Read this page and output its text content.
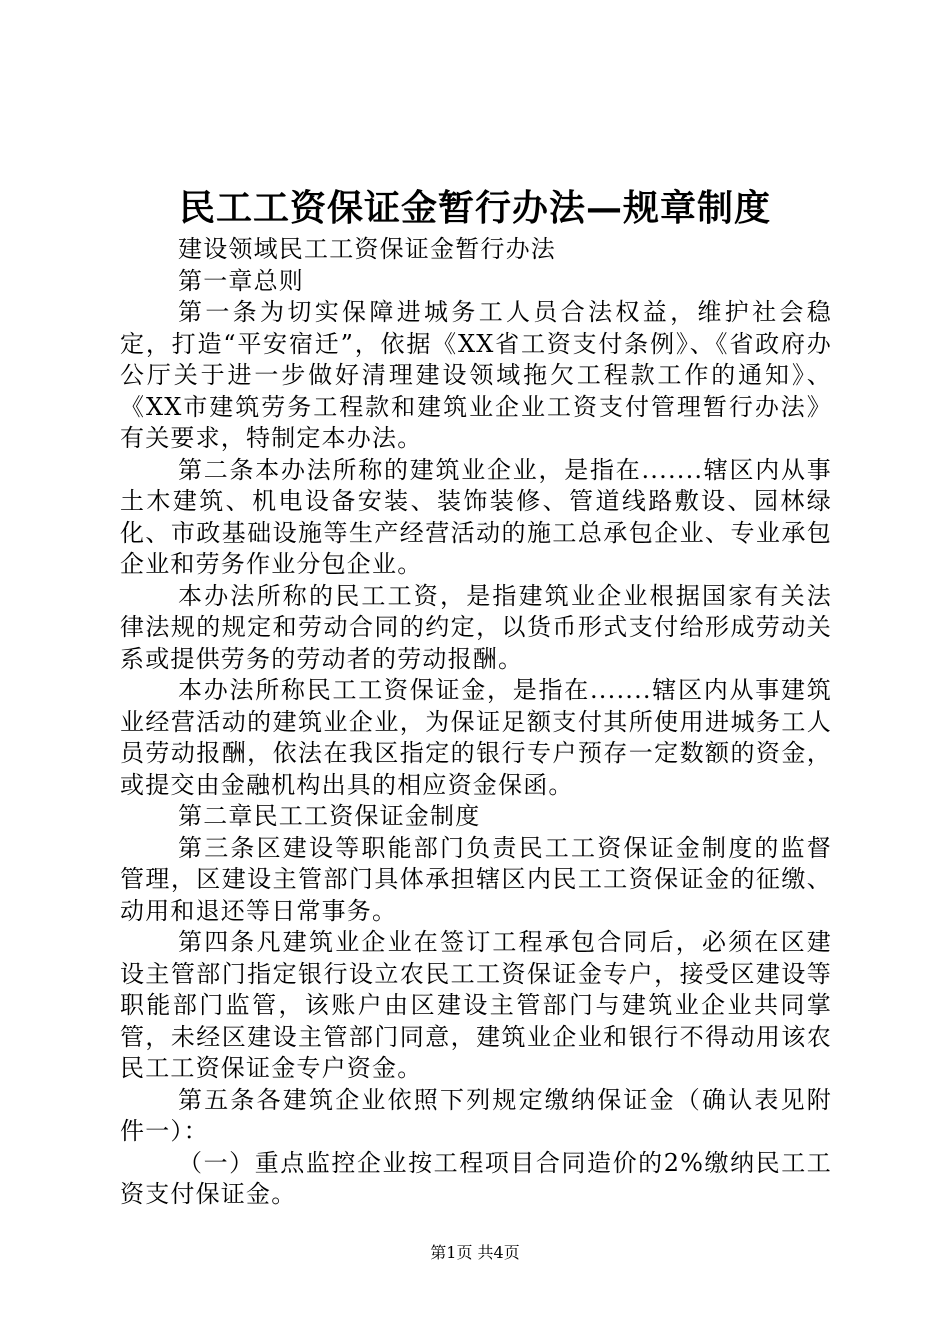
民工工资保证金暂行办法—规章制度

建设领域民工工资保证金暂行办法

第一章总则

第一条为切实保障进城务工人员合法权益，维护社会稳定，打造“平安宿迁”，依据《XX省工资支付条例》、《省政府办公厅关于进一步做好清理建设领域拖欠工程款工作的通知》、《XX市建筑劳务工程款和建筑业企业工资支付管理暂行办法》有关要求，特制定本办法。

第二条本办法所称的建筑业企业，是指在.......辖区内从事土木建筑、机电设备安装、装饰装修、管道线路敷设、园林绿化、市政基础设施等生产经营活动的施工总承包企业、专业承包企业和劳务作业分包企业。

本办法所称的民工工资，是指建筑业企业根据国家有关法律法规的规定和劳动合同的约定，以货币形式支付给形成劳动关系或提供劳务的劳动者的劳动报酬。

本办法所称民工工资保证金，是指在.......辖区内从事建筑业经营活动的建筑业企业，为保证足额支付其所使用进城务工人员劳动报酬，依法在我区指定的银行专户预存一定数额的资金，或提交由金融机构出具的相应资金保函。

第二章民工工资保证金制度

第三条区建设等职能部门负责民工工资保证金制度的监督管理，区建设主管部门具体承担辖区内民工工资保证金的征缴、动用和退还等日常事务。

第四条凡建筑业企业在签订工程承包合同后，必须在区建设主管部门指定银行设立农民工工资保证金专户，接受区建设等职能部门监管，该账户由区建设主管部门与建筑业企业共同掌管，未经区建设主管部门同意，建筑业企业和银行不得动用该农民工工资保证金专户资金。

第五条各建筑企业依照下列规定缴纳保证金（确认表见附件一）：

（一）重点监控企业按工程项目合同造价的2%缴纳民工工资支付保证金。

第1页 共4页
